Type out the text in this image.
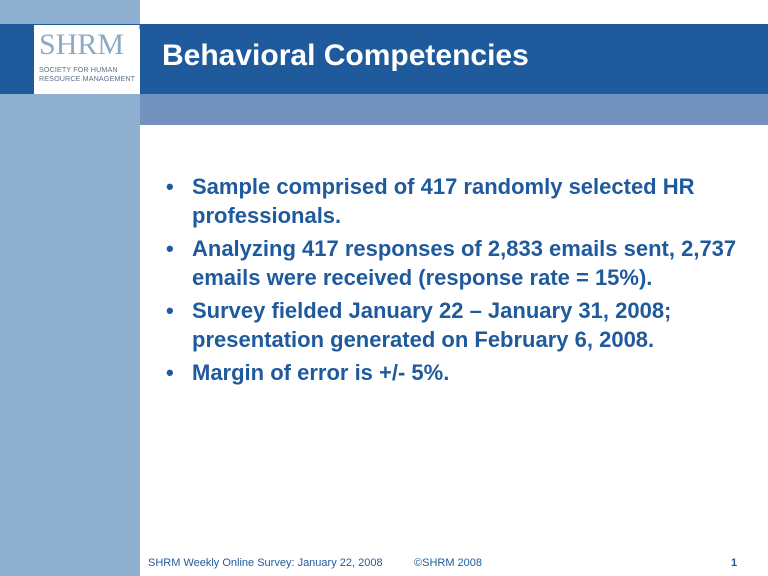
SHRM TM
SOCIETY FOR HUMAN
RESOURCE MANAGEMENT
Behavioral Competencies
• Sample comprised of 417 randomly selected HR professionals.
• Analyzing 417 responses of 2,833 emails sent, 2,737 emails were received (response rate = 15%).
• Survey fielded January 22 – January 31, 2008; presentation generated on February 6, 2008.
• Margin of error is +/- 5%.
SHRM Weekly Online Survey: January 22, 2008	©SHRM 2008	1
